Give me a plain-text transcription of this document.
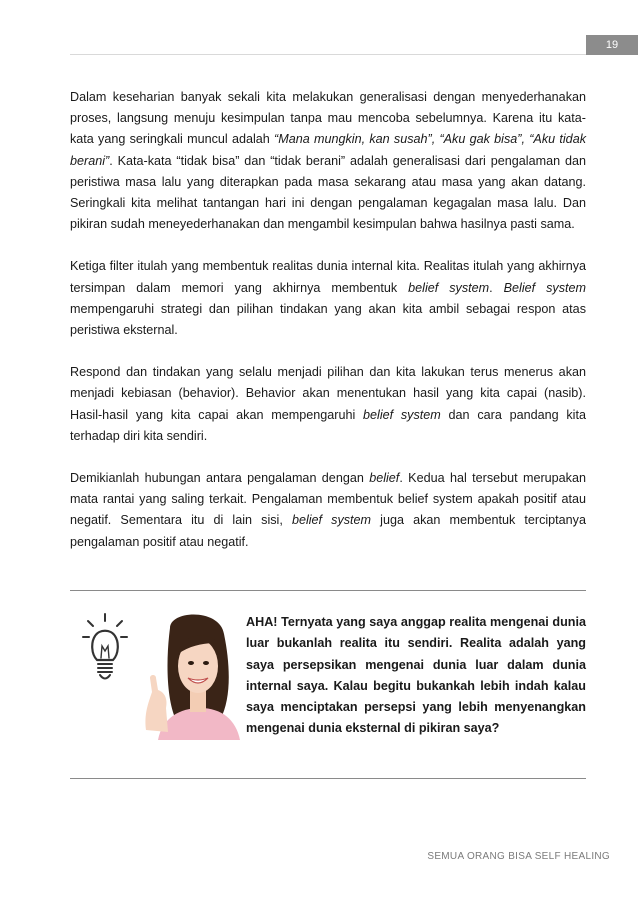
19

Dalam keseharian banyak sekali kita melakukan generalisasi dengan menyederhanakan proses, langsung menuju kesimpulan tanpa mau mencoba sebelumnya. Karena itu kata-kata yang seringkali muncul adalah “Mana mungkin, kan susah”, “Aku gak bisa”, “Aku tidak berani”. Kata-kata “tidak bisa” dan “tidak berani” adalah generalisasi dari pengalaman dan peristiwa masa lalu yang diterapkan pada masa sekarang atau masa yang akan datang. Seringkali kita melihat tantangan hari ini dengan pengalaman kegagalan masa lalu. Dan pikiran sudah meneyederhanakan dan mengambil kesimpulan bahwa hasilnya pasti sama.

Ketiga filter itulah yang membentuk realitas dunia internal kita. Realitas itulah yang akhirnya tersimpan dalam memori yang akhirnya membentuk belief system. Belief system mempengaruhi strategi dan pilihan tindakan yang akan kita ambil sebagai respon atas peristiwa eksternal.

Respond dan tindakan yang selalu menjadi pilihan dan kita lakukan terus menerus akan menjadi kebiasan (behavior). Behavior akan menentukan hasil yang kita capai (nasib). Hasil-hasil yang kita capai akan mempengaruhi belief system dan cara pandang kita terhadap diri kita sendiri.

Demikianlah hubungan antara pengalaman dengan belief. Kedua hal tersebut merupakan mata rantai yang saling terkait. Pengalaman membentuk belief system apakah positif atau negatif. Sementara itu di lain sisi, belief system juga akan membentuk terciptanya pengalaman positif atau negatif.

AHA! Ternyata yang saya anggap realita mengenai dunia luar bukanlah realita itu sendiri. Realita adalah yang saya persepsikan mengenai dunia luar dalam dunia internal saya. Kalau begitu bukankah lebih indah kalau saya menciptakan persepsi yang lebih menyenangkan mengenai dunia eksternal di pikiran saya?
SEMUA ORANG BISA SELF HEALING
